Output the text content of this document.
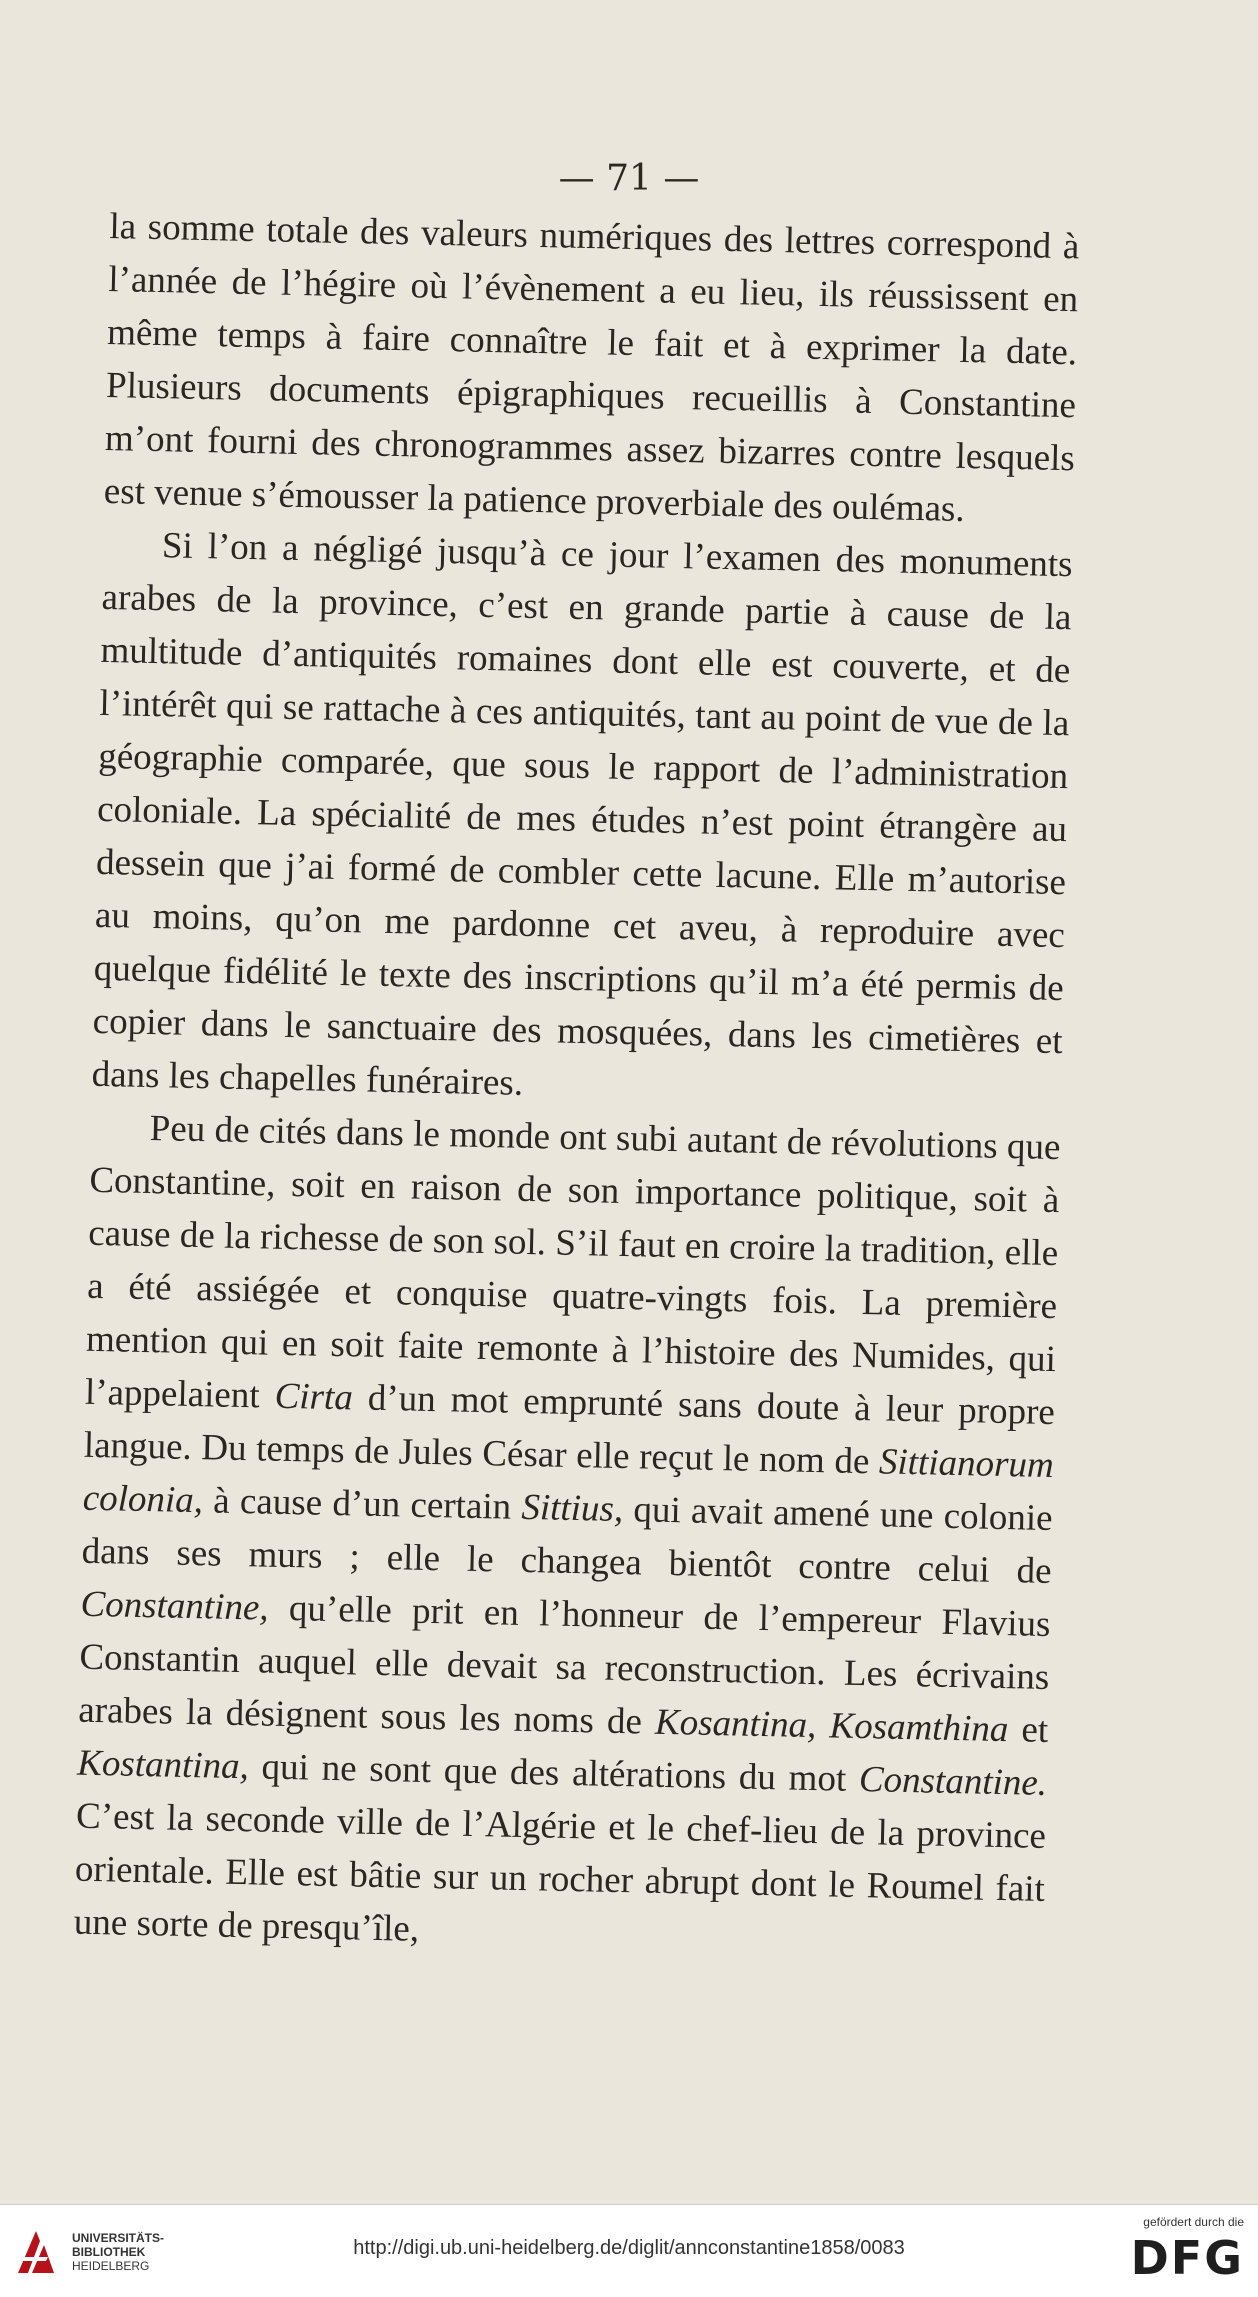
— 71 —

la somme totale des valeurs numériques des lettres correspond à l’année de l’hégire où l’évènement a eu lieu, ils réussissent en même temps à faire connaître le fait et à exprimer la date. Plusieurs documents épigraphiques recueillis à Constantine m’ont fourni des chronogrammes assez bizarres contre lesquels est venue s’émousser la patience proverbiale des oulémas.

Si l’on a négligé jusqu’à ce jour l’examen des monuments arabes de la province, c’est en grande partie à cause de la multitude d’antiquités romaines dont elle est couverte, et de l’intérêt qui se rattache à ces antiquités, tant au point de vue de la géographie comparée, que sous le rapport de l’administration coloniale. La spécialité de mes études n’est point étrangère au dessein que j’ai formé de combler cette lacune. Elle m’autorise au moins, qu’on me pardonne cet aveu, à reproduire avec quelque fidélité le texte des inscriptions qu’il m’a été permis de copier dans le sanctuaire des mosquées, dans les cimetières et dans les chapelles funéraires.

Peu de cités dans le monde ont subi autant de révolutions que Constantine, soit en raison de son importance politique, soit à cause de la richesse de son sol. S’il faut en croire la tradition, elle a été assiégée et conquise quatre-vingts fois. La première mention qui en soit faite remonte à l’histoire des Numides, qui l’appelaient Cirta d’un mot emprunté sans doute à leur propre langue. Du temps de Jules César elle reçut le nom de Sittianorum colonia, à cause d’un certain Sittius, qui avait amené une colonie dans ses murs ; elle le changea bientôt contre celui de Constantine, qu’elle prit en l’honneur de l’empereur Flavius Constantin auquel elle devait sa reconstruction. Les écrivains arabes la désignent sous les noms de Kosantina, Kosamthina et Kostantina, qui ne sont que des altérations du mot Constantine. C’est la seconde ville de l’Algérie et le chef-lieu de la province orientale. Elle est bâtie sur un rocher abrupt dont le Roumel fait une sorte de presqu’île,

UNIVERSITÄTS-
BIBLIOTHEK
HEIDELBERG
http://digi.ub.uni-heidelberg.de/diglit/annconstantine1858/0083
gefördert durch die
DFG
